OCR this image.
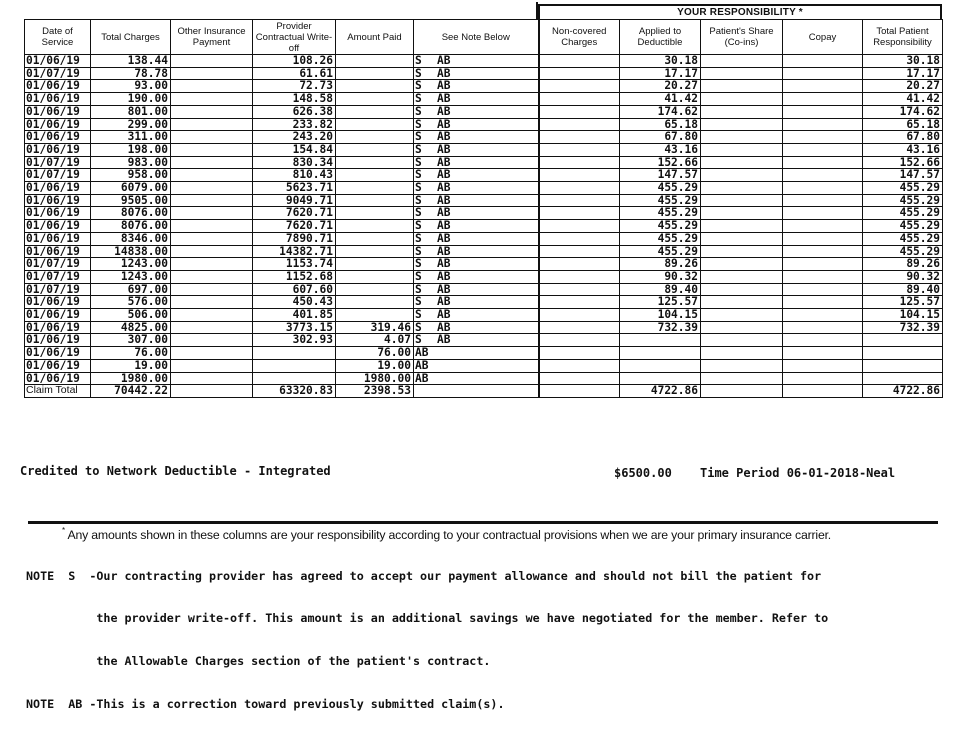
YOUR RESPONSIBILITY *
Date of Service	Total Charges	Other Insurance Payment	Provider Contractual Write-off	Amount Paid	See Note Below	Non-covered Charges	Applied to Deductible	Patient's Share (Co-ins)	Copay	Total Patient Responsibility
01/06/19	138.44		108.26		S AB		30.18			30.18
01/07/19	78.78		61.61		S AB		17.17			17.17
01/06/19	93.00		72.73		S AB		20.27			20.27
01/06/19	190.00		148.58		S AB		41.42			41.42
01/06/19	801.00		626.38		S AB		174.62			174.62
01/06/19	299.00		233.82		S AB		65.18			65.18
01/06/19	311.00		243.20		S AB		67.80			67.80
01/06/19	198.00		154.84		S AB		43.16			43.16
01/07/19	983.00		830.34		S AB		152.66			152.66
01/07/19	958.00		810.43		S AB		147.57			147.57
01/06/19	6079.00		5623.71		S AB		455.29			455.29
01/06/19	9505.00		9049.71		S AB		455.29			455.29
01/06/19	8076.00		7620.71		S AB		455.29			455.29
01/06/19	8076.00		7620.71		S AB		455.29			455.29
01/06/19	8346.00		7890.71		S AB		455.29			455.29
01/06/19	14838.00		14382.71		S AB		455.29			455.29
01/07/19	1243.00		1153.74		S AB		89.26			89.26
01/07/19	1243.00		1152.68		S AB		90.32			90.32
01/07/19	697.00		607.60		S AB		89.40			89.40
01/06/19	576.00		450.43		S AB		125.57			125.57
01/06/19	506.00		401.85		S AB		104.15			104.15
01/06/19	4825.00		3773.15	319.46	S AB		732.39			732.39
01/06/19	307.00		302.93	4.07	S AB					
01/06/19	76.00			76.00	AB					
01/06/19	19.00			19.00	AB					
01/06/19	1980.00			1980.00	AB					
Claim Total	70442.22		63320.83	2398.53			4722.86			4722.86
Credited to Network Deductible - Integrated	$6500.00 Time Period 06-01-2018-Neal
* Any amounts shown in these columns are your responsibility according to your contractual provisions when we are your primary insurance carrier.

NOTE  S  -Our contracting provider has agreed to accept our payment allowance and should not bill the patient for

the provider write-off. This amount is an additional savings we have negotiated for the member. Refer to

the Allowable Charges section of the patient's contract.

NOTE  AB -This is a correction toward previously submitted claim(s).
